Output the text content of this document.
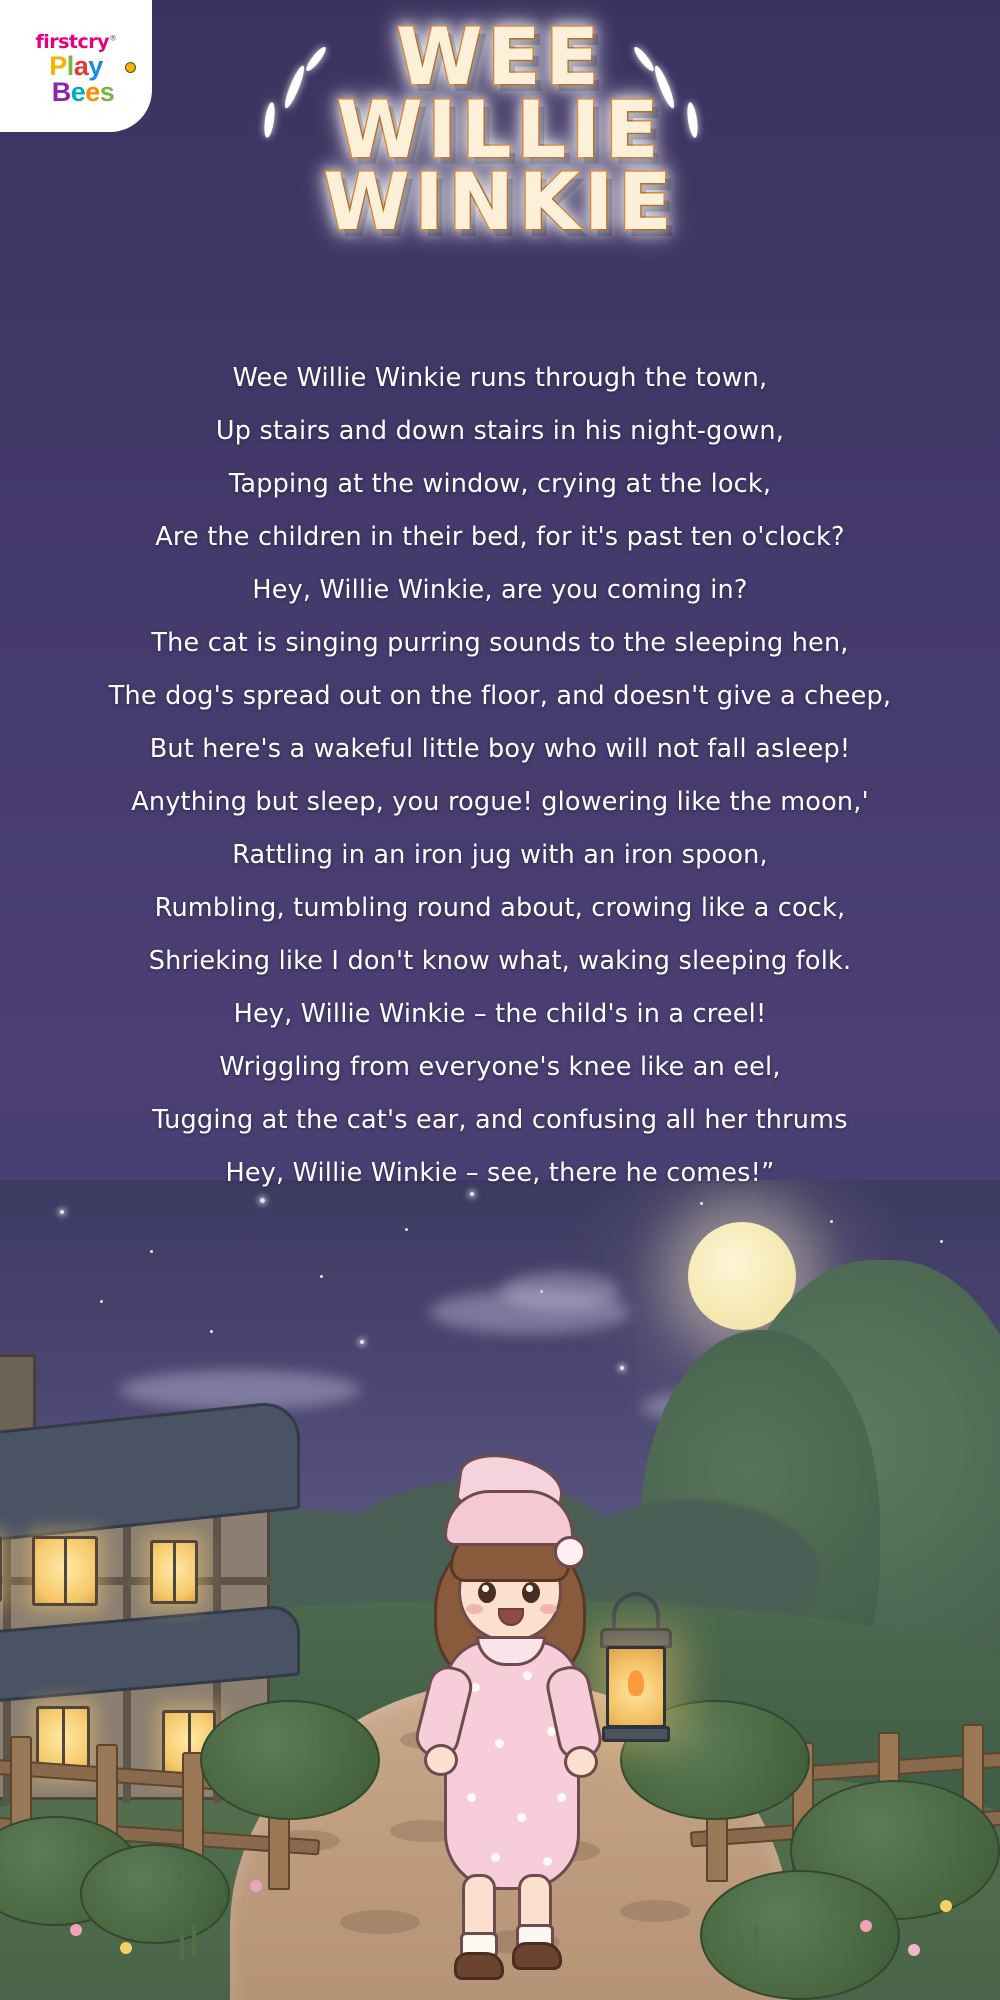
firstcry®
Play
Bees	WEE
WILLIE
WINKIE
Wee Willie Winkie runs through the town,
Up stairs and down stairs in his night-gown,
Tapping at the window, crying at the lock,
Are the children in their bed, for it's past ten o'clock?
Hey, Willie Winkie, are you coming in?
The cat is singing purring sounds to the sleeping hen,
The dog's spread out on the floor, and doesn't give a cheep,
But here's a wakeful little boy who will not fall asleep!
Anything but sleep, you rogue! glowering like the moon,'
Rattling in an iron jug with an iron spoon,
Rumbling, tumbling round about, crowing like a cock,
Shrieking like I don't know what, waking sleeping folk.
Hey, Willie Winkie – the child's in a creel!
Wriggling from everyone's knee like an eel,
Tugging at the cat's ear, and confusing all her thrums
Hey, Willie Winkie – see, there he comes!”
